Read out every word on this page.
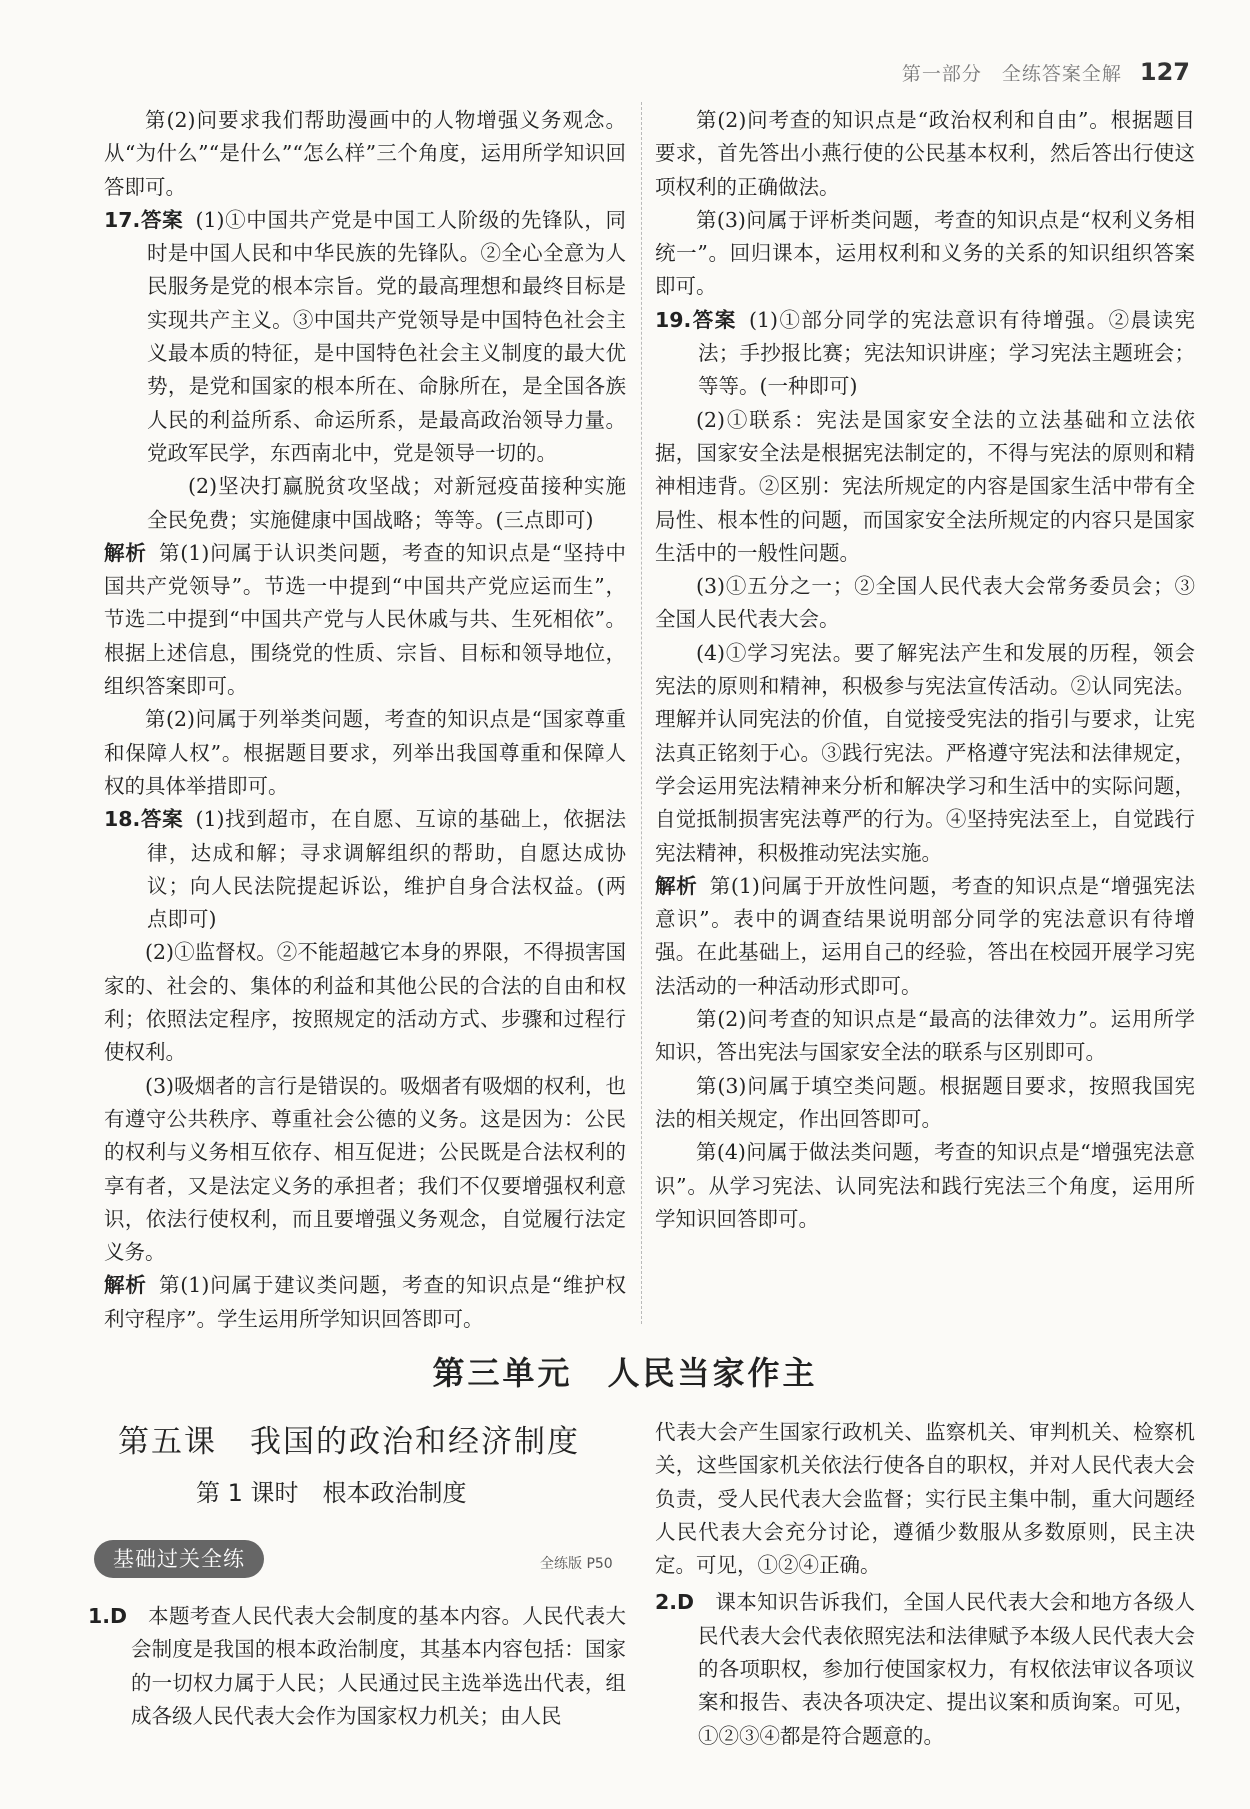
第一部分　全练答案全解 127

第(2)问要求我们帮助漫画中的人物增强义务观念。从“为什么”“是什么”“怎么样”三个角度，运用所学知识回答即可。

17.答案 (1)①中国共产党是中国工人阶级的先锋队，同时是中国人民和中华民族的先锋队。②全心全意为人民服务是党的根本宗旨。党的最高理想和最终目标是实现共产主义。③中国共产党领导是中国特色社会主义最本质的特征，是中国特色社会主义制度的最大优势，是党和国家的根本所在、命脉所在，是全国各族人民的利益所系、命运所系，是最高政治领导力量。党政军民学，东西南北中，党是领导一切的。

(2)坚决打赢脱贫攻坚战；对新冠疫苗接种实施全民免费；实施健康中国战略；等等。(三点即可)

解析 第(1)问属于认识类问题，考查的知识点是“坚持中国共产党领导”。节选一中提到“中国共产党应运而生”，节选二中提到“中国共产党与人民休戚与共、生死相依”。根据上述信息，围绕党的性质、宗旨、目标和领导地位，组织答案即可。

第(2)问属于列举类问题，考查的知识点是“国家尊重和保障人权”。根据题目要求，列举出我国尊重和保障人权的具体举措即可。

18.答案 (1)找到超市，在自愿、互谅的基础上，依据法律，达成和解；寻求调解组织的帮助，自愿达成协议；向人民法院提起诉讼，维护自身合法权益。(两点即可)

(2)①监督权。②不能超越它本身的界限，不得损害国家的、社会的、集体的利益和其他公民的合法的自由和权利；依照法定程序，按照规定的活动方式、步骤和过程行使权利。

(3)吸烟者的言行是错误的。吸烟者有吸烟的权利，也有遵守公共秩序、尊重社会公德的义务。这是因为：公民的权利与义务相互依存、相互促进；公民既是合法权利的享有者，又是法定义务的承担者；我们不仅要增强权利意识，依法行使权利，而且要增强义务观念，自觉履行法定义务。

解析 第(1)问属于建议类问题，考查的知识点是“维护权利守程序”。学生运用所学知识回答即可。

第(2)问考查的知识点是“政治权利和自由”。根据题目要求，首先答出小燕行使的公民基本权利，然后答出行使这项权利的正确做法。

第(3)问属于评析类问题，考查的知识点是“权利义务相统一”。回归课本，运用权利和义务的关系的知识组织答案即可。

19.答案 (1)①部分同学的宪法意识有待增强。②晨读宪法；手抄报比赛；宪法知识讲座；学习宪法主题班会；等等。(一种即可)

(2)①联系：宪法是国家安全法的立法基础和立法依据，国家安全法是根据宪法制定的，不得与宪法的原则和精神相违背。②区别：宪法所规定的内容是国家生活中带有全局性、根本性的问题，而国家安全法所规定的内容只是国家生活中的一般性问题。

(3)①五分之一；②全国人民代表大会常务委员会；③全国人民代表大会。

(4)①学习宪法。要了解宪法产生和发展的历程，领会宪法的原则和精神，积极参与宪法宣传活动。②认同宪法。理解并认同宪法的价值，自觉接受宪法的指引与要求，让宪法真正铭刻于心。③践行宪法。严格遵守宪法和法律规定，学会运用宪法精神来分析和解决学习和生活中的实际问题，自觉抵制损害宪法尊严的行为。④坚持宪法至上，自觉践行宪法精神，积极推动宪法实施。

解析 第(1)问属于开放性问题，考查的知识点是“增强宪法意识”。表中的调查结果说明部分同学的宪法意识有待增强。在此基础上，运用自己的经验，答出在校园开展学习宪法活动的一种活动形式即可。

第(2)问考查的知识点是“最高的法律效力”。运用所学知识，答出宪法与国家安全法的联系与区别即可。

第(3)问属于填空类问题。根据题目要求，按照我国宪法的相关规定，作出回答即可。

第(4)问属于做法类问题，考查的知识点是“增强宪法意识”。从学习宪法、认同宪法和践行宪法三个角度，运用所学知识回答即可。

第三单元　人民当家作主
第五课　我国的政治和经济制度
第 1 课时　根本政治制度
基础过关全练	全练版 P50

1.D　 本题考查人民代表大会制度的基本内容。人民代表大会制度是我国的根本政治制度，其基本内容包括：国家的一切权力属于人民；人民通过民主选举选出代表，组成各级人民代表大会作为国家权力机关；由人民

代表大会产生国家行政机关、监察机关、审判机关、检察机关，这些国家机关依法行使各自的职权，并对人民代表大会负责，受人民代表大会监督；实行民主集中制，重大问题经人民代表大会充分讨论，遵循少数服从多数原则，民主决定。可见，①②④正确。

2.D　 课本知识告诉我们，全国人民代表大会和地方各级人民代表大会代表依照宪法和法律赋予本级人民代表大会的各项职权，参加行使国家权力，有权依法审议各项议案和报告、表决各项决定、提出议案和质询案。可见，①②③④都是符合题意的。
